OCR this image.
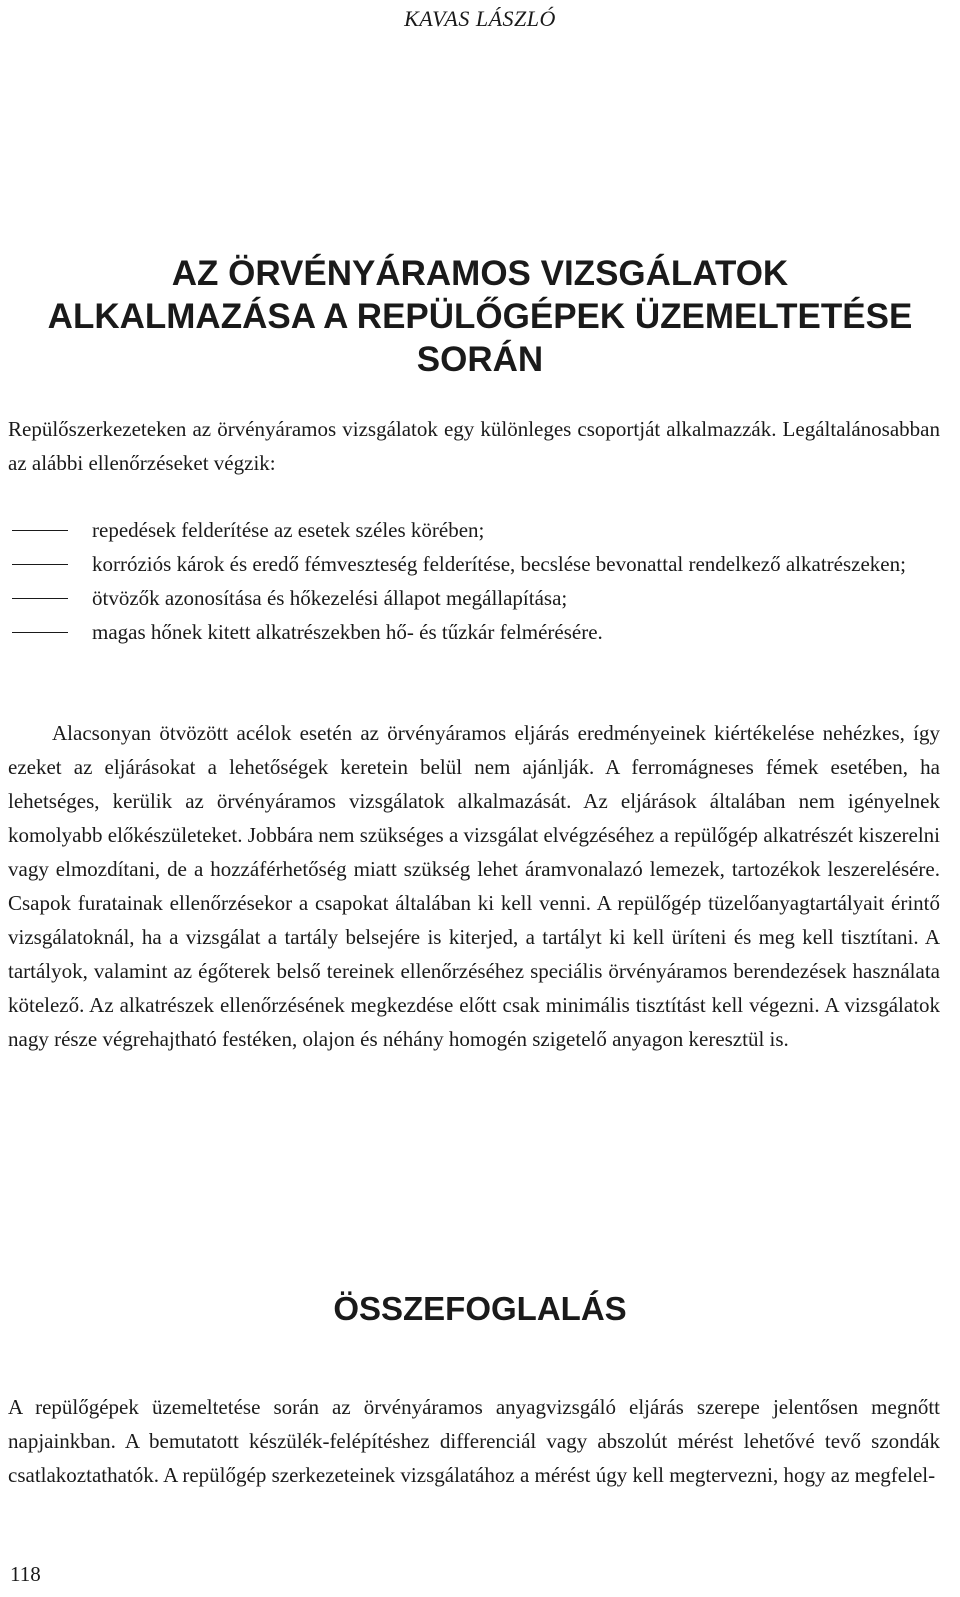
KAVAS LÁSZLÓ
AZ ÖRVÉNYÁRAMOS VIZSGÁLATOK
ALKALMAZÁSA A REPÜLŐGÉPEK ÜZEMELTETÉSE
SORÁN

Repülőszerkezeteken az örvényáramos vizsgálatok egy különleges csoportját alkalmazzák. Legáltalánosabban az alábbi ellenőrzéseket végzik:

repedések felderítése az esetek széles körében;
korróziós károk és eredő fémveszteség felderítése, becslése bevonattal rendelkező alkatrészeken;
ötvözők azonosítása és hőkezelési állapot megállapítása;
magas hőnek kitett alkatrészekben hő- és tűzkár felmérésére.

Alacsonyan ötvözött acélok esetén az örvényáramos eljárás eredményeinek kiértékelése nehézkes, így ezeket az eljárásokat a lehetőségek keretein belül nem ajánlják. A ferromágneses fémek esetében, ha lehetséges, kerülik az örvényáramos vizsgálatok alkalmazását. Az eljárások általában nem igényelnek komolyabb előkészületeket. Jobbára nem szükséges a vizsgálat elvégzéséhez a repülőgép alkatrészét kiszerelni vagy elmozdítani, de a hozzáférhetőség miatt szükség lehet áramvonalazó lemezek, tartozékok leszerelésére. Csapok furatainak ellenőrzésekor a csapokat általában ki kell venni. A repülőgép tüzelőanyagtartályait érintő vizsgálatoknál, ha a vizsgálat a tartály belsejére is kiterjed, a tartályt ki kell üríteni és meg kell tisztítani. A tartályok, valamint az égőterek belső tereinek ellenőrzéséhez speciális örvényáramos berendezések használata kötelező. Az alkatrészek ellenőrzésének megkezdése előtt csak minimális tisztítást kell végezni. A vizsgálatok nagy része végrehajtható festéken, olajon és néhány homogén szigetelő anyagon keresztül is.

ÖSSZEFOGLALÁS

A repülőgépek üzemeltetése során az örvényáramos anyagvizsgáló eljárás szerepe jelentősen megnőtt napjainkban. A bemutatott készülék-felépítéshez differenciál vagy abszolút mérést lehetővé tevő szondák csatlakoztathatók. A repülőgép szerkezeteinek vizsgálatához a mérést úgy kell megtervezni, hogy az megfelel-

118
